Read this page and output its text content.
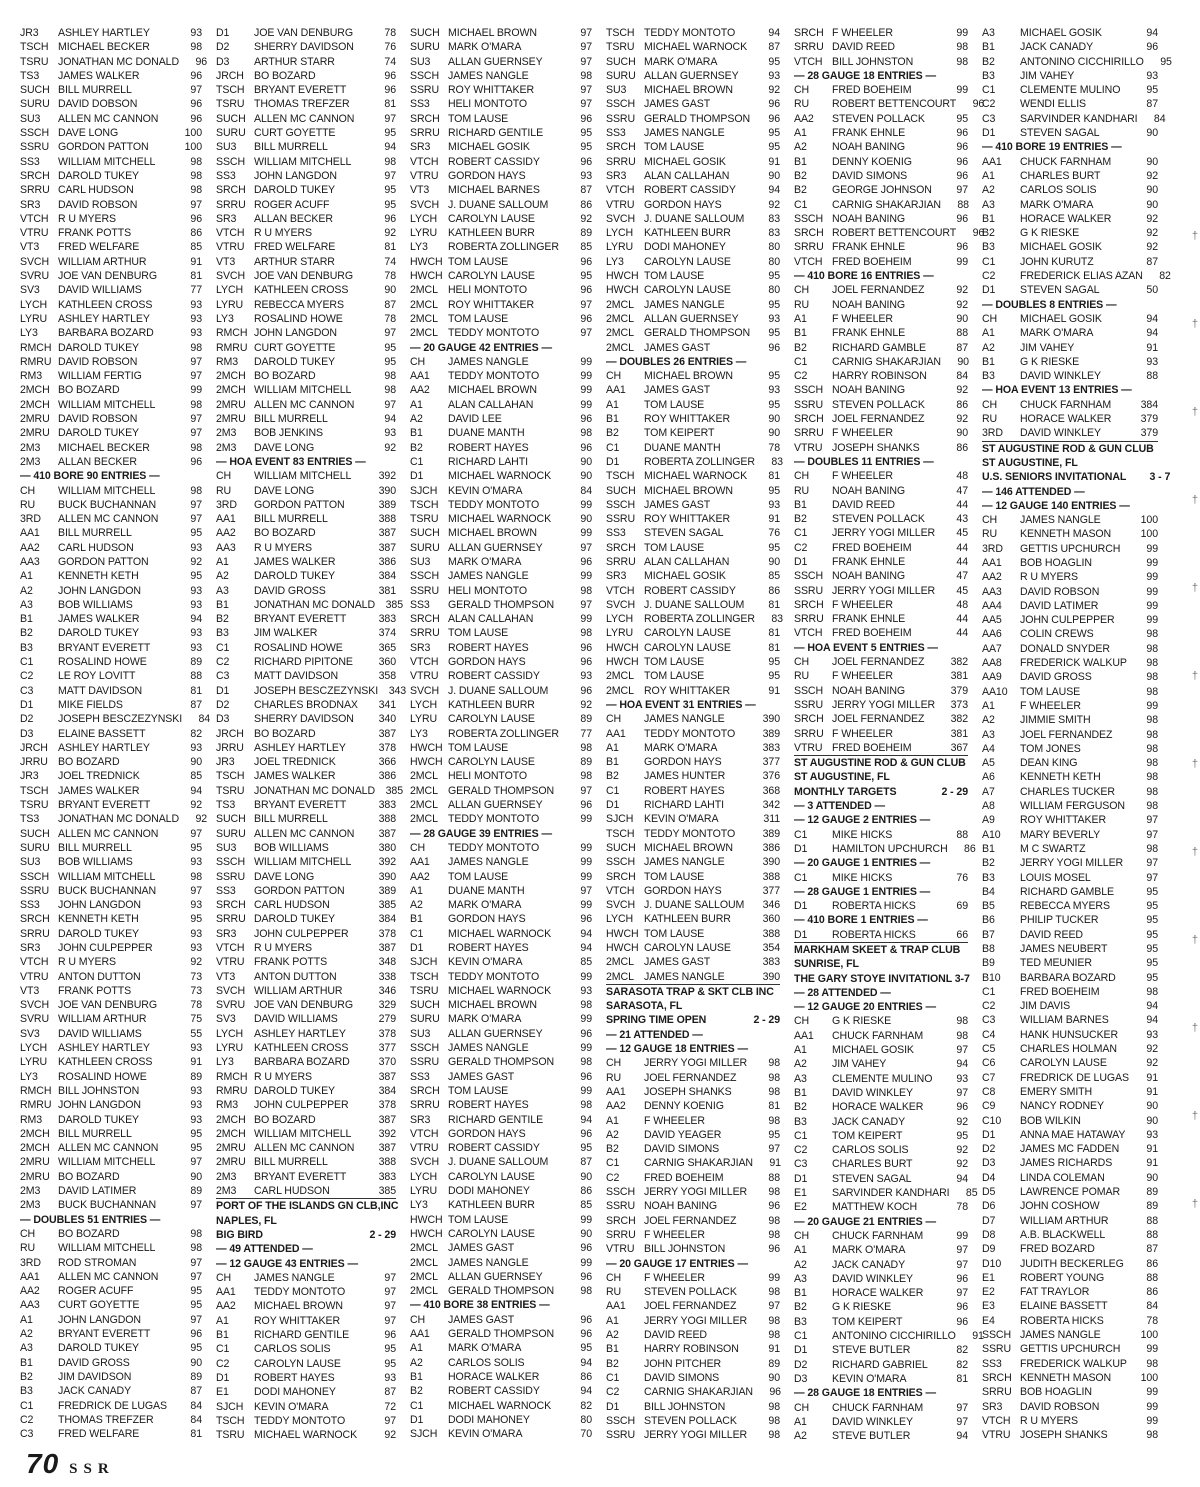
JR3	ASHLEY HARTLEY	93
TSCH MICHAEL BECKER	98
TSRU JONATHAN MC DONALD	96
TS3	JAMES WALKER	96
SUCH BILL MURRELL	97
SURU DAVID DOBSON	96
SU3	ALLEN MC CANNON	96
SSCH DAVE LONG	100
SSRU GORDON PATTON	100
SS3	WILLIAM MITCHELL	98
SRCH DAROLD TUKEY	98
SRRU CARL HUDSON	98
SR3	DAVID ROBSON	97
VTCH R U MYERS	96
VTRU FRANK POTTS	86
VT3	FRED WELFARE	85
SVCH WILLIAM ARTHUR	91
SVRU JOE VAN DENBURG	81
SV3	DAVID WILLIAMS	77
LYCH	KATHLEEN CROSS	93
LYRU	ASHLEY HARTLEY	93
LY3	BARBARA BOZARD	93
RMCH DAROLD TUKEY	98
RMRU DAVID ROBSON	97
RM3	WILLIAM FERTIG	97
2MCH BO BOZARD	99
2MCH WILLIAM MITCHELL	98
2MRU DAVID ROBSON	97
2MRU DAROLD TUKEY	97
2M3	MICHAEL BECKER	98
2M3	ALLAN BECKER	96
— 410 BORE 90 ENTRIES —
CH	WILLIAM MITCHELL	98
RU	BUCK BUCHANNAN	97
3RD	ALLEN MC CANNON	97
AA1	BILL MURRELL	95
AA2	CARL HUDSON	93
AA3	GORDON PATTON	92
A1	KENNETH KETH	95
A2	JOHN LANGDON	93
A3	BOB WILLIAMS	93
B1	JAMES WALKER	94
B2	DAROLD TUKEY	93
B3	BRYANT EVERETT	93
C1	ROSALIND HOWE	89
C2	LE ROY LOVITT	88
C3	MATT DAVIDSON	81
D1	MIKE FIELDS	87
D2	JOSEPH BESCZEZYNSKI	84
D3	ELAINE BASSETT	82
JRCH ASHLEY HARTLEY	93
JRRU BO BOZARD	90
JR3	JOEL TREDNICK	85
TSCH JAMES WALKER	94
TSRU BRYANT EVERETT	92
TS3	JONATHAN MC DONALD	92
SUCH ALLEN MC CANNON	97
SURU BILL MURRELL	95
SU3	BOB WILLIAMS	93
SSCH WILLIAM MITCHELL	98
SSRU BUCK BUCHANNAN	97
SS3	JOHN LANGDON	93
SRCH KENNETH KETH	95
SRRU DAROLD TUKEY	93
SR3	JOHN CULPEPPER	93
VTCH R U MYERS	92
VTRU ANTON DUTTON	73
VT3	FRANK POTTS	73
SVCH JOE VAN DENBURG	78
SVRU WILLIAM ARTHUR	75
SV3	DAVID WILLIAMS	55
LYCH	ASHLEY HARTLEY	93
LYRU	KATHLEEN CROSS	91
LY3	ROSALIND HOWE	89
RMCH BILL JOHNSTON	93
RMRU JOHN LANGDON	93
RM3	DAROLD TUKEY	93
2MCH BILL MURRELL	95
2MCH ALLEN MC CANNON	95
2MRU WILLIAM MITCHELL	97
2MRU BO BOZARD	90
2M3	DAVID LATIMER	89
2M3	BUCK BUCHANNAN	97
— DOUBLES 51 ENTRIES —
CH	BO BOZARD	98
RU	WILLIAM MITCHELL	98
3RD	ROD STROMAN	97
AA1	ALLEN MC CANNON	97
AA2	ROGER ACUFF	95
AA3	CURT GOYETTE	95
A1	JOHN LANGDON	97
A2	BRYANT EVERETT	96
A3	DAROLD TUKEY	95
B1	DAVID GROSS	90
B2	JIM DAVIDSON	89
B3	JACK CANADY	87
C1	FREDRICK DE LUGAS	84
C2	THOMAS TREFZER	84
C3	FRED WELFARE	81
D1	JOE VAN DENBURG	78
D2	SHERRY DAVIDSON	76
D3	ARTHUR STARR	74
JRCH BO BOZARD	96
TSCH BRYANT EVERETT	96
TSRU THOMAS TREFZER	81
SUCH ALLEN MC CANNON	97
SURU CURT GOYETTE	95
SU3	BILL MURRELL	94
SSCH WILLIAM MITCHELL	98
SS3	JOHN LANGDON	97
SRCH DAROLD TUKEY	95
SRRU ROGER ACUFF	95
SR3	ALLAN BECKER	96
VTCH R U MYERS	92
VTRU FRED WELFARE	81
VT3	ARTHUR STARR	74
SVCH JOE VAN DENBURG	78
LYCH	KATHLEEN CROSS	90
LYRU	REBECCA MYERS	87
LY3	ROSALIND HOWE	78
RMCH JOHN LANGDON	97
RMRU CURT GOYETTE	95
RM3	DAROLD TUKEY	95
2MCH BO BOZARD	98
2MCH WILLIAM MITCHELL	98
2MRU ALLEN MC CANNON	97
2MRU BILL MURRELL	94
2M3	BOB JENKINS	93
2M3	DAVE LONG	92
— HOA EVENT 83 ENTRIES —
CH	WILLIAM MITCHELL	392
RU	DAVE LONG	390
3RD	GORDON PATTON	389
AA1	BILL MURRELL	388
AA2	BO BOZARD	387
AA3	R U MYERS	387
A1	JAMES WALKER	386
A2	DAROLD TUKEY	384
A3	DAVID GROSS	381
B1	JONATHAN MC DONALD	385
B2	BRYANT EVERETT	383
B3	JIM WALKER	374
C1	ROSALIND HOWE	365
C2	RICHARD PIPITONE	360
C3	MATT DAVIDSON	358
D1	JOSEPH BESCZEZYNSKI	343
D2	CHARLES BRODNAX	341
D3	SHERRY DAVIDSON	340
JRCH BO BOZARD	387
JRRU ASHLEY HARTLEY	378
JR3	JOEL TREDNICK	366
TSCH JAMES WALKER	386
TSRU JONATHAN MC DONALD	385
TS3	BRYANT EVERETT	383
SUCH BILL MURRELL	388
SURU ALLEN MC CANNON	387
SU3	BOB WILLIAMS	380
SSCH WILLIAM MITCHELL	392
SSRU DAVE LONG	390
SS3	GORDON PATTON	389
SRCH CARL HUDSON	385
SRRU DAROLD TUKEY	384
SR3	JOHN CULPEPPER	378
VTCH R U MYERS	387
VTRU FRANK POTTS	348
VT3	ANTON DUTTON	338
SVCH WILLIAM ARTHUR	346
SVRU JOE VAN DENBURG	329
SV3	DAVID WILLIAMS	279
LYCH	ASHLEY HARTLEY	378
LYRU	KATHLEEN CROSS	377
LY3	BARBARA BOZARD	370
RMCH R U MYERS	387
RMRU DAROLD TUKEY	384
RM3	JOHN CULPEPPER	378
2MCH BO BOZARD	387
2MCH WILLIAM MITCHELL	392
2MRU ALLEN MC CANNON	387
2MRU BILL MURRELL	388
2M3	BRYANT EVERETT	383
2M3	CARL HUDSON	385
PORT OF THE ISLANDS GN CLB,INC
NAPLES, FL
BIG BIRD	2 - 29
— 49 ATTENDED —
— 12 GAUGE 43 ENTRIES —
CH	JAMES NANGLE	97
AA1	TEDDY MONTOTO	97
AA2	MICHAEL BROWN	97
A1	ROY WHITTAKER	97
B1	RICHARD GENTILE	96
C1	CARLOS SOLIS	95
C2	CAROLYN LAUSE	95
D1	ROBERT HAYES	93
E1	DODI MAHONEY	87
SJCH	KEVIN O'MARA	72
TSCH TEDDY MONTOTO	97
TSRU MICHAEL WARNOCK	92
SUCH MICHAEL BROWN	97
SURU MARK O'MARA	97
SU3	ALLAN GUERNSEY	97
SSCH JAMES NANGLE	98
SSRU ROY WHITTAKER	97
SS3	HELI MONTOTO	97
SRCH TOM LAUSE	96
SRRU RICHARD GENTILE	95
SR3	MICHAEL GOSIK	95
VTCH ROBERT CASSIDY	96
VTRU GORDON HAYS	93
VT3	MICHAEL BARNES	87
SVCH J. DUANE SALLOUM	86
LYCH	CAROLYN LAUSE	92
LYRU	KATHLEEN BURR	89
LY3	ROBERTA ZOLLINGER	85
HWCH TOM LAUSE	96
HWCH CAROLYN LAUSE	95
2MCL HELI MONTOTO	96
2MCL ROY WHITTAKER	97
2MCL TOM LAUSE	96
2MCL TEDDY MONTOTO	97
— 20 GAUGE 42 ENTRIES —
CH	JAMES NANGLE	99
AA1	TEDDY MONTOTO	99
AA2	MICHAEL BROWN	99
A1	ALAN CALLAHAN	99
A2	DAVID LEE	96
B1	DUANE MANTH	98
B2	ROBERT HAYES	96
C1	RICHARD LAHTI	90
D1	MICHAEL WARNOCK	90
SJCH	KEVIN O'MARA	84
TSCH TEDDY MONTOTO	99
TSRU MICHAEL WARNOCK	90
SUCH MICHAEL BROWN	99
SURU ALLAN GUERNSEY	97
SU3	MARK O'MARA	96
SSCH JAMES NANGLE	99
SSRU HELI MONTOTO	98
SS3	GERALD THOMPSON	97
SRCH ALAN CALLAHAN	99
SRRU TOM LAUSE	98
SR3	ROBERT HAYES	96
VTCH GORDON HAYS	96
VTRU ROBERT CASSIDY	93
SVCH J. DUANE SALLOUM	96
LYCH	KATHLEEN BURR	92
LYRU	CAROLYN LAUSE	89
LY3	ROBERTA ZOLLINGER	77
HWCH TOM LAUSE	98
HWCH CAROLYN LAUSE	89
2MCL HELI MONTOTO	98
2MCL GERALD THOMPSON	97
2MCL ALLAN GUERNSEY	96
2MCL TEDDY MONTOTO	99
— 28 GAUGE 39 ENTRIES —
CH	TEDDY MONTOTO	99
AA1	JAMES NANGLE	99
AA2	TOM LAUSE	99
A1	DUANE MANTH	97
A2	MARK O'MARA	99
B1	GORDON HAYS	96
C1	MICHAEL WARNOCK	94
D1	ROBERT HAYES	94
SJCH	KEVIN O'MARA	85
TSCH TEDDY MONTOTO	99
TSRU MICHAEL WARNOCK	93
SUCH MICHAEL BROWN	98
SURU MARK O'MARA	99
SU3	ALLAN GUERNSEY	96
SSCH JAMES NANGLE	99
SSRU GERALD THOMPSON	98
SS3	JAMES GAST	96
SRCH TOM LAUSE	99
SRRU ROBERT HAYES	98
SR3	RICHARD GENTILE	94
VTCH GORDON HAYS	96
VTRU ROBERT CASSIDY	95
SVCH J. DUANE SALLOUM	87
LYCH	CAROLYN LAUSE	90
LYRU	DODI MAHONEY	86
LY3	KATHLEEN BURR	85
HWCH TOM LAUSE	99
HWCH CAROLYN LAUSE	90
2MCL JAMES GAST	96
2MCL JAMES NANGLE	99
2MCL ALLAN GUERNSEY	96
2MCL GERALD THOMPSON	98
— 410 BORE 38 ENTRIES —
CH	JAMES GAST	96
AA1	GERALD THOMPSON	96
A1	MARK O'MARA	95
A2	CARLOS SOLIS	94
B1	HORACE WALKER	86
B2	ROBERT CASSIDY	94
C1	MICHAEL WARNOCK	82
D1	DODI MAHONEY	80
SJCH	KEVIN O'MARA	70
TSCH TEDDY MONTOTO	94
TSRU MICHAEL WARNOCK	87
SUCH MARK O'MARA	95
SURU ALLAN GUERNSEY	93
SU3	MICHAEL BROWN	92
SSCH JAMES GAST	96
SSRU GERALD THOMPSON	96
SS3	JAMES NANGLE	95
SRCH TOM LAUSE	95
SRRU MICHAEL GOSIK	91
SR3	ALAN CALLAHAN	90
VTCH ROBERT CASSIDY	94
VTRU GORDON HAYS	92
SVCH J. DUANE SALLOUM	83
LYCH	KATHLEEN BURR	83
LYRU	DODI MAHONEY	80
LY3	CAROLYN LAUSE	80
HWCH TOM LAUSE	95
HWCH CAROLYN LAUSE	80
2MCL JAMES NANGLE	95
2MCL ALLAN GUERNSEY	93
2MCL GERALD THOMPSON	95
2MCL JAMES GAST	96
— DOUBLES 26 ENTRIES —
CH	MICHAEL BROWN	95
AA1	JAMES GAST	93
A1	TOM LAUSE	95
B1	ROY WHITTAKER	90
B2	TOM KEIPERT	90
C1	DUANE MANTH	78
D1	ROBERTA ZOLLINGER	83
TSCH MICHAEL WARNOCK	81
SUCH MICHAEL BROWN	95
SSCH JAMES GAST	93
SSRU ROY WHITTAKER	91
SS3	STEVEN SAGAL	76
SRCH TOM LAUSE	95
SRRU ALAN CALLAHAN	90
SR3	MICHAEL GOSIK	85
VTCH ROBERT CASSIDY	86
SVCH J. DUANE SALLOUM	81
LYCH	ROBERTA ZOLLINGER	83
LYRU	CAROLYN LAUSE	81
HWCH CAROLYN LAUSE	81
HWCH TOM LAUSE	95
2MCL TOM LAUSE	95
2MCL ROY WHITTAKER	91
— HOA EVENT 31 ENTRIES —
CH	JAMES NANGLE	390
AA1	TEDDY MONTOTO	389
A1	MARK O'MARA	383
B1	GORDON HAYS	377
B2	JAMES HUNTER	376
C1	ROBERT HAYES	368
D1	RICHARD LAHTI	342
SJCH	KEVIN O'MARA	311
TSCH TEDDY MONTOTO	389
SUCH MICHAEL BROWN	386
SSCH JAMES NANGLE	390
SRCH TOM LAUSE	388
VTCH GORDON HAYS	377
SVCH J. DUANE SALLOUM	346
LYCH	KATHLEEN BURR	360
HWCH TOM LAUSE	388
HWCH CAROLYN LAUSE	354
2MCL JAMES GAST	383
2MCL JAMES NANGLE	390
SARASOTA TRAP & SKT CLB INC
SARASOTA, FL
SPRING TIME OPEN	2 - 29
— 21 ATTENDED —
— 12 GAUGE 18 ENTRIES —
CH	JERRY YOGI MILLER	98
RU	JOEL FERNANDEZ	98
AA1	JOSEPH SHANKS	98
AA2	DENNY KOENIG	81
A1	F WHEELER	98
A2	DAVID YEAGER	95
B2	DAVID SIMONS	97
C1	CARNIG SHAKARJIAN	91
C2	FRED BOEHEIM	88
SSCH JERRY YOGI MILLER	98
SSRU NOAH BANING	96
SRCH JOEL FERNANDEZ	98
SRRU F WHEELER	98
VTRU BILL JOHNSTON	96
— 20 GAUGE 17 ENTRIES —
CH	F WHEELER	99
RU	STEVEN POLLACK	98
AA1	JOEL FERNANDEZ	97
A1	JERRY YOGI MILLER	98
A2	DAVID REED	98
B1	HARRY ROBINSON	91
B2	JOHN PITCHER	89
C1	DAVID SIMONS	90
C2	CARNIG SHAKARJIAN	96
D1	BILL JOHNSTON	98
SSCH STEVEN POLLACK	98
SSRU JERRY YOGI MILLER	98
SRCH F WHEELER	99
SRRU DAVID REED	98
VTCH BILL JOHNSTON	98
— 28 GAUGE 18 ENTRIES —
CH	FRED BOEHEIM	99
RU	ROBERT BETTENCOURT	96
AA2	STEVEN POLLACK	95
A1	FRANK EHNLE	96
A2	NOAH BANING	96
B1	DENNY KOENIG	96
B2	DAVID SIMONS	96
B2	GEORGE JOHNSON	97
C1	CARNIG SHAKARJIAN	88
SSCH NOAH BANING	96
SRCH ROBERT BETTENCOURT	96
SRRU FRANK EHNLE	96
VTCH FRED BOEHEIM	99
— 410 BORE 16 ENTRIES —
CH	JOEL FERNANDEZ	92
RU	NOAH BANING	92
A1	F WHEELER	90
B1	FRANK EHNLE	88
B2	RICHARD GAMBLE	87
C1	CARNIG SHAKARJIAN	90
C2	HARRY ROBINSON	84
SSCH NOAH BANING	92
SSRU STEVEN POLLACK	86
SRCH JOEL FERNANDEZ	92
SRRU F WHEELER	90
VTRU JOSEPH SHANKS	86
— DOUBLES 11 ENTRIES —
CH	F WHEELER	48
RU	NOAH BANING	47
B1	DAVID REED	44
B2	STEVEN POLLACK	43
C1	JERRY YOGI MILLER	45
C2	FRED BOEHEIM	44
D1	FRANK EHNLE	44
SSCH NOAH BANING	47
SSRU JERRY YOGI MILLER	45
SRCH F WHEELER	48
SRRU FRANK EHNLE	44
VTCH FRED BOEHEIM	44
— HOA EVENT 5 ENTRIES —
CH	JOEL FERNANDEZ	382
RU	F WHEELER	381
SSCH NOAH BANING	379
SSRU JERRY YOGI MILLER	373
SRCH JOEL FERNANDEZ	382
SRRU F WHEELER	381
VTRU FRED BOEHEIM	367
ST AUGUSTINE ROD & GUN CLUB
ST AUGUSTINE, FL
MONTHLY TARGETS	2 - 29
— 3 ATTENDED —
— 12 GAUGE 2 ENTRIES —
C1	MIKE HICKS	88
D1	HAMILTON UPCHURCH	86
— 20 GAUGE 1 ENTRIES —
C1	MIKE HICKS	76
— 28 GAUGE 1 ENTRIES —
D1	ROBERTA HICKS	69
— 410 BORE 1 ENTRIES —
D1	ROBERTA HICKS	66
MARKHAM SKEET & TRAP CLUB
SUNRISE, FL
THE GARY STOYE INVITATIONL 3-7
— 28 ATTENDED —
— 12 GAUGE 20 ENTRIES —
CH	G K RIESKE	98
AA1	CHUCK FARNHAM	98
A1	MICHAEL GOSIK	97
A2	JIM VAHEY	94
A3	CLEMENTE MULINO	93
B1	DAVID WINKLEY	97
B2	HORACE WALKER	96
B3	JACK CANADY	92
C1	TOM KEIPERT	95
C2	CARLOS SOLIS	92
C3	CHARLES BURT	92
D1	STEVEN SAGAL	94
E1	SARVINDER KANDHARI	85
E2	MATTHEW KOCH	78
— 20 GAUGE 21 ENTRIES —
CH	CHUCK FARNHAM	99
A1	MARK O'MARA	97
A2	JACK CANADY	97
A3	DAVID WINKLEY	96
B1	HORACE WALKER	97
B2	G K RIESKE	96
B3	TOM KEIPERT	96
C1	ANTONINO CICCHIRILLO	91
D1	STEVE BUTLER	82
D2	RICHARD GABRIEL	82
D3	KEVIN O'MARA	81
— 28 GAUGE 18 ENTRIES —
CH	CHUCK FARNHAM	97
A1	DAVID WINKLEY	97
A2	STEVE BUTLER	94
A3	MICHAEL GOSIK	94
B1	JACK CANADY	96
B2	ANTONINO CICCHIRILLO	95
B3	JIM VAHEY	93
C1	CLEMENTE MULINO	95
C2	WENDI ELLIS	87
C3	SARVINDER KANDHARI	84
D1	STEVEN SAGAL	90
— 410 BORE 19 ENTRIES —
AA1	CHUCK FARNHAM	90
A1	CHARLES BURT	92
A2	CARLOS SOLIS	90
A3	MARK O'MARA	90
B1	HORACE WALKER	92
B2	G K RIESKE	92
B3	MICHAEL GOSIK	92
C1	JOHN KURUTZ	87
C2	FREDERICK ELIAS AZAN	82
D1	STEVEN SAGAL	50
— DOUBLES 8 ENTRIES —
CH	MICHAEL GOSIK	94
A1	MARK O'MARA	94
A2	JIM VAHEY	91
B1	G K RIESKE	93
B3	DAVID WINKLEY	88
— HOA EVENT 13 ENTRIES —
CH	CHUCK FARNHAM	384
RU	HORACE WALKER	379
3RD	DAVID WINKLEY	379
ST AUGUSTINE ROD & GUN CLUB
ST AUGUSTINE, FL
U.S. SENIORS INVITATIONAL	3 - 7
— 146 ATTENDED —
— 12 GAUGE 140 ENTRIES —
CH	JAMES NANGLE	100
RU	KENNETH MASON	100
3RD	GETTIS UPCHURCH	99
AA1	BOB HOAGLIN	99
AA2	R U MYERS	99
AA3	DAVID ROBSON	99
AA4	DAVID LATIMER	99
AA5	JOHN CULPEPPER	99
AA6	COLIN CREWS	98
AA7	DONALD SNYDER	98
AA8	FREDERICK WALKUP	98
AA9	DAVID GROSS	98
AA10	TOM LAUSE	98
A1	F WHEELER	99
A2	JIMMIE SMITH	98
A3	JOEL FERNANDEZ	98
A4	TOM JONES	98
A5	DEAN KING	98
A6	KENNETH KETH	98
A7	CHARLES TUCKER	98
A8	WILLIAM FERGUSON	98
A9	ROY WHITTAKER	97
A10	MARY BEVERLY	97
B1	M C SWARTZ	98
B2	JERRY YOGI MILLER	97
B3	LOUIS MOSEL	97
B4	RICHARD GAMBLE	95
B5	REBECCA MYERS	95
B6	PHILIP TUCKER	95
B7	DAVID REED	95
B8	JAMES NEUBERT	95
B9	TED MEUNIER	95
B10	BARBARA BOZARD	95
C1	FRED BOEHEIM	98
C2	JIM DAVIS	94
C3	WILLIAM BARNES	94
C4	HANK HUNSUCKER	93
C5	CHARLES HOLMAN	92
C6	CAROLYN LAUSE	92
C7	FREDRICK DE LUGAS	91
C8	EMERY SMITH	91
C9	NANCY RODNEY	90
C10	BOB WILKIN	90
D1	ANNA MAE HATAWAY	93
D2	JAMES MC FADDEN	91
D3	JAMES RICHARDS	91
D4	LINDA COLEMAN	90
D5	LAWRENCE POMAR	89
D6	JOHN COSHOW	89
D7	WILLIAM ARTHUR	88
D8	A.B. BLACKWELL	88
D9	FRED BOZARD	87
D10	JUDITH BECKERLEG	86
E1	ROBERT YOUNG	88
E2	FAT TRAYLOR	86
E3	ELAINE BASSETT	84
E4	ROBERTA HICKS	78
SSCH JAMES NANGLE	100
SSRU GETTIS UPCHURCH	99
SS3	FREDERICK WALKUP	98
SRCH KENNETH MASON	100
SRRU BOB HOAGLIN	99
SR3	DAVID ROBSON	99
VTCH R U MYERS	99
VTRU JOSEPH SHANKS	98
70 SSR
†
†
†
†
†
†
†
†
†
†
†
†
